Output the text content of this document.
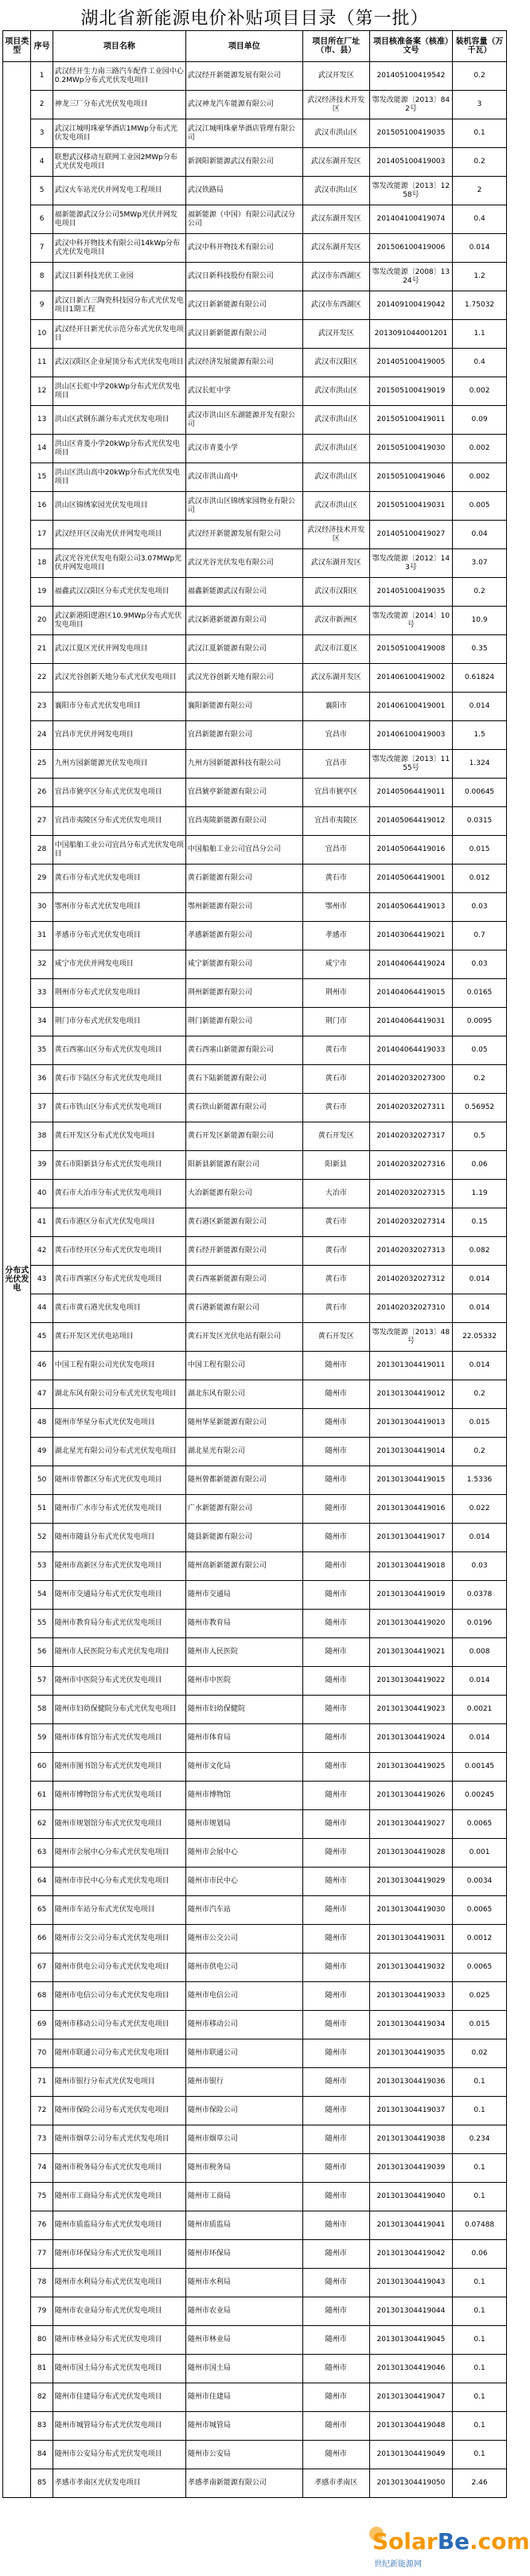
湖北省新能源电价补贴项目目录（第一批）
项目类型	序号	项目名称	项目单位	项目所在厂址（市、县）	项目核准备案（核准）文号	装机容量（万千瓦）
分布式光伏发电	1	武汉经开生力南三路汽车配件工业园中心0.2MWp分布式光伏发电项目	武汉经开新能源发展有限公司	武汉开发区	201405100419542	0.2
	2	神龙三厂分布式光伏发电项目	武汉神龙汽车能源有限公司	武汉经济技术开发区	鄂发改能源〔2013〕842号	3
	3	武汉江城明珠豪华酒店1MWp分布式光伏发电项目	武汉江城明珠豪华酒店管理有限公司	武汉市洪山区	201505100419035	0.1
	4	联想武汉移动互联网工业园2MWp分布式光伏发电项目	新润阳新能源武汉有限公司	武汉东湖开发区	201405100419003	0.2
	5	武汉火车站光伏并网发电工程项目	武汉铁路局	武汉市洪山区	鄂发改能源〔2013〕1258号	2
	6	福新能源武汉分公司5MWp光伏并网发电项目	福新能源（中国）有限公司武汉分公司	武汉东湖开发区	201404100419074	0.4
	7	武汉中科开物技术有限公司14kWp分布式光伏发电项目	武汉中科开物技术有限公司	武汉东湖开发区	201506100419006	0.014
	8	武汉日新科技光伏工业园	武汉日新科技股份有限公司	武汉市东西湖区	鄂发改能源〔2008〕1324号	1.2
	9	武汉日新古三陶瓷科技园分布式光伏发电项目1期工程	武汉日新新能源有限公司	武汉市东西湖区	201409100419042	1.75032
	10	武汉经开日新光伏示范分布式光伏发电项目	武汉日新新能源有限公司	武汉开发区	2013091044001201	1.1
	11	武汉汉阳区企业屋顶分布式光伏发电项目	武汉经济发展能源有限公司	武汉市汉阳区	201405100419005	0.4
	12	洪山区长虹中学20kWp分布式光伏发电项目	武汉长虹中学	武汉市洪山区	201505100419019	0.002
	13	洪山区武钢东湖分布式光伏发电项目	武汉市洪山区东湖能源开发有限公司	武汉市洪山区	201505100419011	0.09
	14	洪山区青菱小学20kWp分布式光伏发电项目	武汉市青菱小学	武汉市洪山区	201505100419030	0.002
	15	洪山区洪山高中20kWp分布式光伏发电项目	武汉市洪山高中	武汉市洪山区	201505100419046	0.002
	16	洪山区锦绣家园光伏发电项目	武汉市洪山区锦绣家园物业有限公司	武汉市洪山区	201505100419031	0.005
	17	武汉经开区汉南光伏并网发电项目	武汉经开新能源发展有限公司	武汉经济技术开发区	201405100419027	0.04
	18	武汉光谷光伏发电有限公司3.07MWp光伏并网发电项目	武汉光谷光伏发电有限公司	武汉东湖开发区	鄂发改能源〔2012〕143号	3.07
	19	福鑫武汉汉阳区分布式光伏发电项目	福鑫新能源武汉有限公司	武汉市汉阳区	201405100419035	0.2
	20	武汉新港阳逻港区10.9MWp分布式光伏发电项目	武汉新港新能源有限公司	武汉市新洲区	鄂发改能源〔2014〕10号	10.9
	21	武汉江夏区光伏并网发电项目	武汉江夏新能源有限公司	武汉市江夏区	201505100419008	0.35
	22	武汉光谷创新天地分布式光伏发电项目	武汉光谷创新天地有限公司	武汉东湖开发区	201406100419002	0.61824
	23	襄阳市分布式光伏发电项目	襄阳新能源有限公司	襄阳市	201406100419001	0.014
	24	宜昌市光伏并网发电项目	宜昌新能源有限公司	宜昌市	201406100419003	1.5
	25	九州方园新能源光伏发电项目	九州方园新能源科技有限公司	宜昌市	鄂发改能源〔2013〕1155号	1.324
	26	宜昌市猇亭区分布式光伏发电项目	宜昌猇亭新能源有限公司	宜昌市猇亭区	201405064419011	0.00645
	27	宜昌市夷陵区分布式光伏发电项目	宜昌夷陵新能源有限公司	宜昌市夷陵区	201405064419012	0.0315
	28	中国船舶工业公司宜昌分布式光伏发电项目	中国船舶工业公司宜昌分公司	宜昌市	201405064419016	0.015
	29	黄石市分布式光伏发电项目	黄石新能源有限公司	黄石市	201405064419001	0.012
	30	鄂州市分布式光伏发电项目	鄂州新能源有限公司	鄂州市	201405064419013	0.03
	31	孝感市分布式光伏发电项目	孝感新能源有限公司	孝感市	201403064419021	0.7
	32	咸宁市光伏并网发电项目	咸宁新能源有限公司	咸宁市	201404064419024	0.03
	33	荆州市分布式光伏发电项目	荆州新能源有限公司	荆州市	201404064419015	0.0165
	34	荆门市分布式光伏发电项目	荆门新能源有限公司	荆门市	201404064419031	0.0095
	35	黄石西塞山区分布式光伏发电项目	黄石西塞山新能源有限公司	黄石市	201404064419033	0.05
	36	黄石市下陆区分布式光伏发电项目	黄石下陆新能源有限公司	黄石市	201402032027300	0.2
	37	黄石市铁山区分布式光伏发电项目	黄石铁山新能源有限公司	黄石市	201402032027311	0.56952
	38	黄石开发区分布式光伏发电项目	黄石开发区新能源有限公司	黄石开发区	201402032027317	0.5
	39	黄石市阳新县分布式光伏发电项目	阳新县新能源有限公司	阳新县	201402032027316	0.06
	40	黄石市大冶市分布式光伏发电项目	大冶新能源有限公司	大冶市	201402032027315	1.19
	41	黄石市港区分布式光伏发电项目	黄石港区新能源有限公司	黄石市	201402032027314	0.15
	42	黄石市经开区分布式光伏发电项目	黄石经开新能源有限公司	黄石市	201402032027313	0.082
	43	黄石市西塞区分布式光伏发电项目	黄石西塞新能源有限公司	黄石市	201402032027312	0.014
	44	黄石市黄石港光伏发电项目	黄石港新能源有限公司	黄石市	201402032027310	0.014
	45	黄石开发区光伏电站项目	黄石开发区光伏电站有限公司	黄石开发区	鄂发改能源〔2013〕48号	22.05332
	46	中国工程有限公司光伏发电项目	中国工程有限公司	随州市	201301304419011	0.014
	47	湖北东风有限公司分布式光伏发电项目	湖北东风有限公司	随州市	201301304419012	0.2
	48	随州市华星分布式光伏发电项目	随州华星新能源有限公司	随州市	201301304419013	0.015
	49	湖北星光有限公司分布式光伏发电项目	湖北星光有限公司	随州市	201301304419014	0.2
	50	随州市曾都区分布式光伏发电项目	随州曾都新能源有限公司	随州市	201301304419015	1.5336
	51	随州市广水市分布式光伏发电项目	广水新能源有限公司	随州市	201301304419016	0.022
	52	随州市随县分布式光伏发电项目	随县新能源有限公司	随州市	201301304419017	0.014
	53	随州市高新区分布式光伏发电项目	随州高新新能源有限公司	随州市	201301304419018	0.03
	54	随州市交通局分布式光伏发电项目	随州市交通局	随州市	201301304419019	0.0378
	55	随州市教育局分布式光伏发电项目	随州市教育局	随州市	201301304419020	0.0196
	56	随州市人民医院分布式光伏发电项目	随州市人民医院	随州市	201301304419021	0.008
	57	随州市中医院分布式光伏发电项目	随州市中医院	随州市	201301304419022	0.014
	58	随州市妇幼保健院分布式光伏发电项目	随州市妇幼保健院	随州市	201301304419023	0.0021
	59	随州市体育馆分布式光伏发电项目	随州市体育局	随州市	201301304419024	0.014
	60	随州市图书馆分布式光伏发电项目	随州市文化局	随州市	201301304419025	0.00145
	61	随州市博物馆分布式光伏发电项目	随州市博物馆	随州市	201301304419026	0.00245
	62	随州市规划馆分布式光伏发电项目	随州市规划局	随州市	201301304419027	0.0065
	63	随州市会展中心分布式光伏发电项目	随州市会展中心	随州市	201301304419028	0.001
	64	随州市市民中心分布式光伏发电项目	随州市市民中心	随州市	201301304419029	0.0034
	65	随州市车站分布式光伏发电项目	随州市汽车站	随州市	201301304419030	0.0065
	66	随州市公交公司分布式光伏发电项目	随州市公交公司	随州市	201301304419031	0.0012
	67	随州市供电公司分布式光伏发电项目	随州市供电公司	随州市	201301304419032	0.0065
	68	随州市电信公司分布式光伏发电项目	随州市电信公司	随州市	201301304419033	0.025
	69	随州市移动公司分布式光伏发电项目	随州市移动公司	随州市	201301304419034	0.015
	70	随州市联通公司分布式光伏发电项目	随州市联通公司	随州市	201301304419035	0.02
	71	随州市银行分布式光伏发电项目	随州市银行	随州市	201301304419036	0.1
	72	随州市保险公司分布式光伏发电项目	随州市保险公司	随州市	201301304419037	0.1
	73	随州市烟草公司分布式光伏发电项目	随州市烟草公司	随州市	201301304419038	0.234
	74	随州市税务局分布式光伏发电项目	随州市税务局	随州市	201301304419039	0.1
	75	随州市工商局分布式光伏发电项目	随州市工商局	随州市	201301304419040	0.1
	76	随州市质监局分布式光伏发电项目	随州市质监局	随州市	201301304419041	0.07488
	77	随州市环保局分布式光伏发电项目	随州市环保局	随州市	201301304419042	0.06
	78	随州市水利局分布式光伏发电项目	随州市水利局	随州市	201301304419043	0.1
	79	随州市农业局分布式光伏发电项目	随州市农业局	随州市	201301304419044	0.1
	80	随州市林业局分布式光伏发电项目	随州市林业局	随州市	201301304419045	0.1
	81	随州市国土局分布式光伏发电项目	随州市国土局	随州市	201301304419046	0.1
	82	随州市住建局分布式光伏发电项目	随州市住建局	随州市	201301304419047	0.1
	83	随州市城管局分布式光伏发电项目	随州市城管局	随州市	201301304419048	0.1
	84	随州市公安局分布式光伏发电项目	随州市公安局	随州市	201301304419049	0.1
	85	孝感市孝南区光伏发电项目	孝感孝南新能源有限公司	孝感市孝南区	201301304419050	2.46
SolarBe.com
世纪新能源网
